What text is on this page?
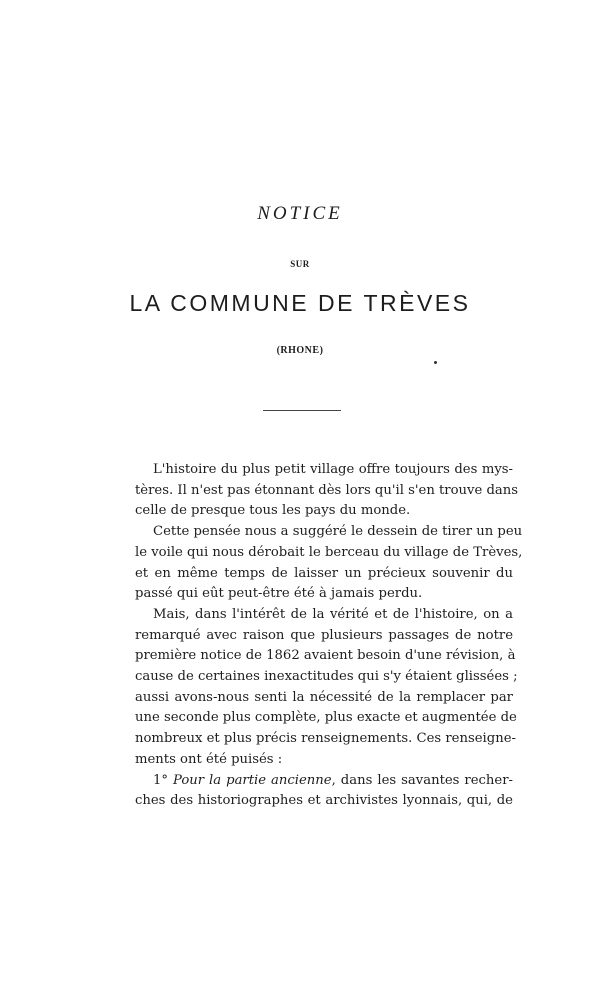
NOTICE
SUR
LA COMMUNE DE TRÈVES
(RHONE)
L'histoire du plus petit village offre toujours des mys-
tères. Il n'est pas étonnant dès lors qu'il s'en trouve dans
celle de presque tous les pays du monde.
Cette pensée nous a suggéré le dessein de tirer un peu
le voile qui nous dérobait le berceau du village de Trèves,
et en même temps de laisser un précieux souvenir du
passé qui eût peut-être été à jamais perdu.
Mais, dans l'intérêt de la vérité et de l'histoire, on a
remarqué avec raison que plusieurs passages de notre
première notice de 1862 avaient besoin d'une révision, à
cause de certaines inexactitudes qui s'y étaient glissées ;
aussi avons-nous senti la nécessité de la remplacer par
une seconde plus complète, plus exacte et augmentée de
nombreux et plus précis renseignements. Ces renseigne-
ments ont été puisés :
1° Pour la partie ancienne, dans les savantes recher-
ches des historiographes et archivistes lyonnais, qui, de
